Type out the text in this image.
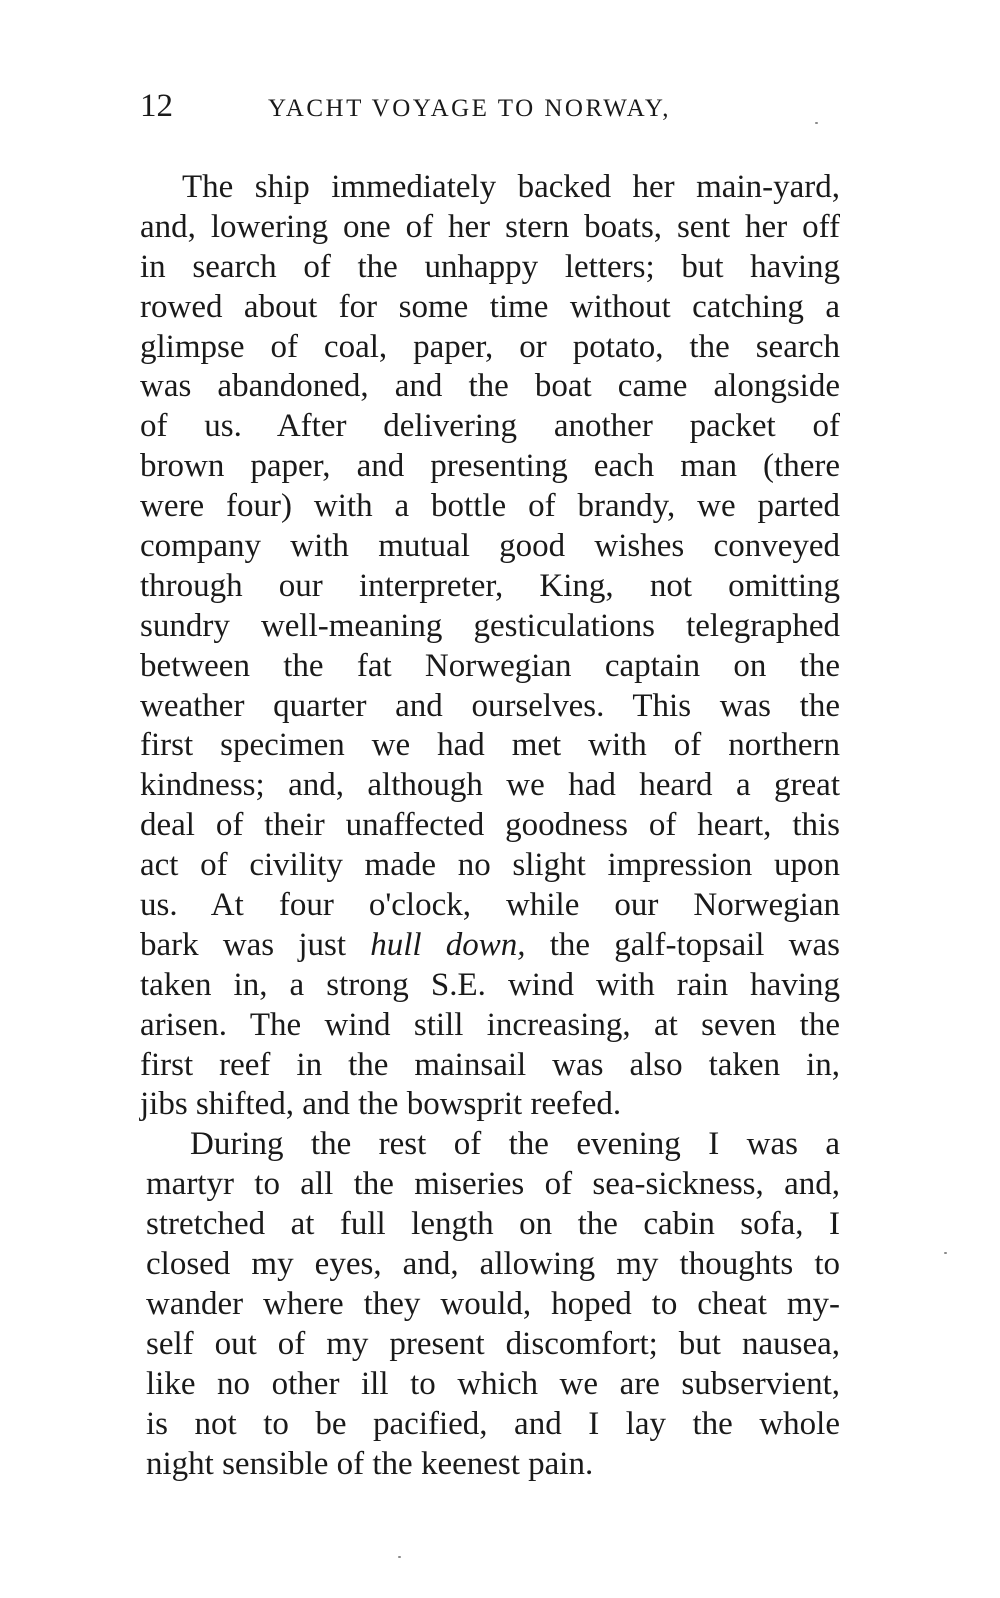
12	YACHT VOYAGE TO NORWAY,
The ship immediately backed her main-yard,
and, lowering one of her stern boats, sent her off
in search of the unhappy letters; but having
rowed about for some time without catching a
glimpse of coal, paper, or potato, the search
was abandoned, and the boat came alongside
of us. After delivering another packet of
brown paper, and presenting each man (there
were four) with a bottle of brandy, we parted
company with mutual good wishes conveyed
through our interpreter, King, not omitting
sundry well-meaning gesticulations telegraphed
between the fat Norwegian captain on the
weather quarter and ourselves. This was the
first specimen we had met with of northern
kindness; and, although we had heard a great
deal of their unaffected goodness of heart, this
act of civility made no slight impression upon
us. At four o'clock, while our Norwegian
bark was just hull down, the galf-topsail was
taken in, a strong S.E. wind with rain having
arisen. The wind still increasing, at seven the
first reef in the mainsail was also taken in,
jibs shifted, and the bowsprit reefed.
During the rest of the evening I was a
martyr to all the miseries of sea-sickness, and,
stretched at full length on the cabin sofa, I
closed my eyes, and, allowing my thoughts to
wander where they would, hoped to cheat my-
self out of my present discomfort; but nausea,
like no other ill to which we are subservient,
is not to be pacified, and I lay the whole
night sensible of the keenest pain.
